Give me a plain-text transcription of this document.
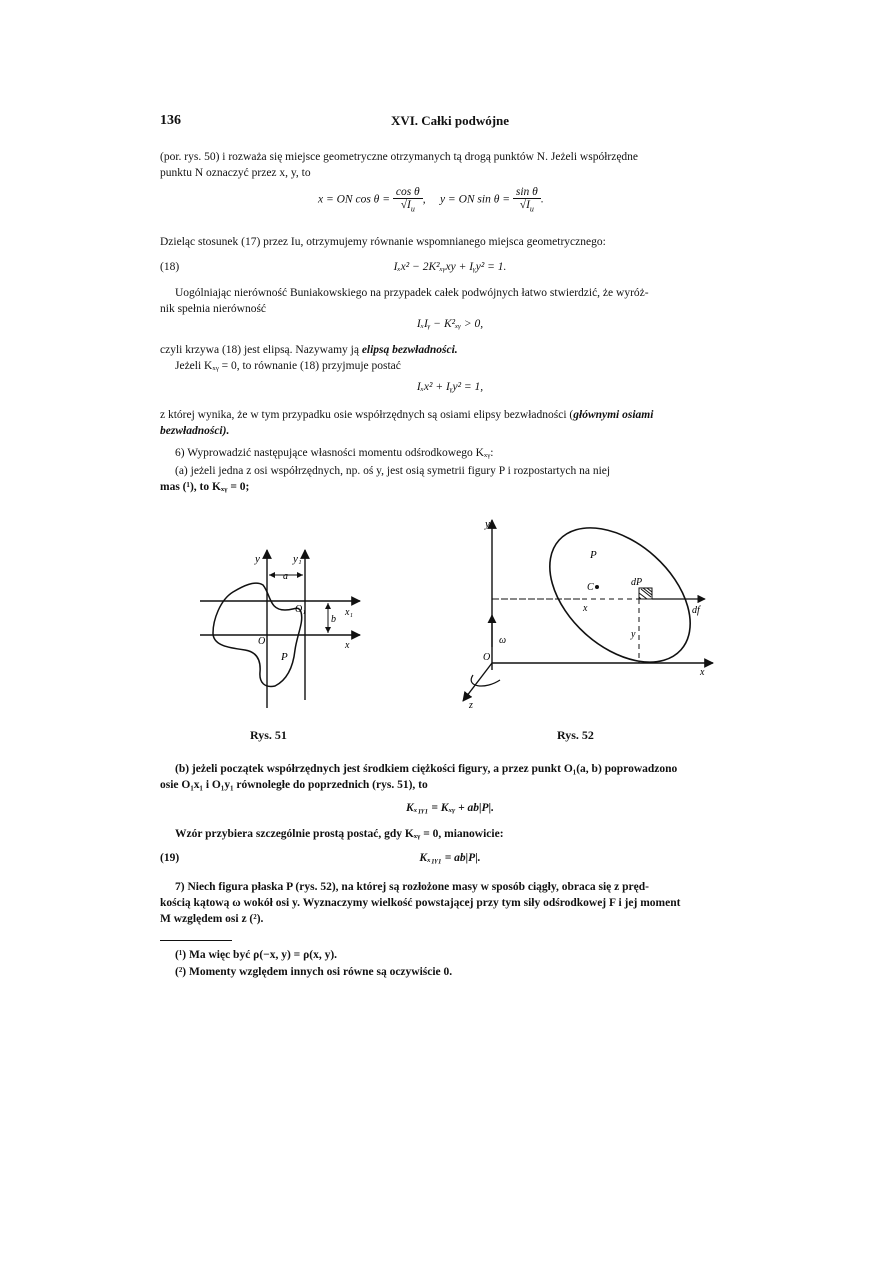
136	XVI. Całki podwójne
(por. rys. 50) i rozważa się miejsce geometryczne otrzymanych tą drogą punktów N. Jeżeli współrzędne
punktu N oznaczyć przez x, y, to
x = ON $\cos \theta = \frac{\text{cos θ}}{√I_u}$ , y = ON $\sin \theta = \frac{\text{sin θ}}{√I_u}$ .
Dzieląc stosunek (17) przez Iu, otrzymujemy równanie wspomnianego miejsca geometrycznego:
(18)	Iₓx² − 2K²ₓᵧxy + Iᵧy² = 1.
Uogólniając nierówność Buniakowskiego na przypadek całek podwójnych łatwo stwierdzić, że wyróż-
nik spełnia nierówność
IₓIᵧ − K²ₓᵧ > 0,
czyli krzywa (18) jest elipsą. Nazywamy ją elipsą bezwładności.
Jeżeli Kₓᵧ = 0, to równanie (18) przyjmuje postać
Iₓx² + Iᵧy² = 1,
z której wynika, że w tym przypadku osie współrzędnych są osiami elipsy bezwładności (głównymi osiami
bezwładności).
6) Wyprowadzić następujące własności momentu odśrodkowego Kₓᵧ:
(a) jeżeli jedna z osi współrzędnych, np. oś y, jest osią symetrii figury P i rozpostartych na niej
mas (¹), to Kₓᵧ = 0;
y	y₁
a
b
x
x₁
O
O₁
P
y
P
C	dP
df
x
y
ω
O
x
z
Rys. 51	Rys. 52
(b) jeżeli początek współrzędnych jest środkiem ciężkości figury, a przez punkt O₁(a, b) poprowadzono
osie O₁x₁ i O₁y₁ równoległe do poprzednich (rys. 51), to
Kₓ₁ᵧ₁ = Kₓᵧ + ab|P|.
Wzór przybiera szczególnie prostą postać, gdy Kₓᵧ = 0, mianowicie:
(19)	Kₓ₁ᵧ₁ = ab|P|.
7) Niech figura płaska P (rys. 52), na której są rozłożone masy w sposób ciągły, obraca się z pręd-
kością kątową ω wokół osi y. Wyznaczymy wielkość powstającej przy tym siły odśrodkowej F i jej moment
M względem osi z (²).
(¹) Ma więc być ρ(−x, y) = ρ(x, y).
(²) Momenty względem innych osi równe są oczywiście 0.
